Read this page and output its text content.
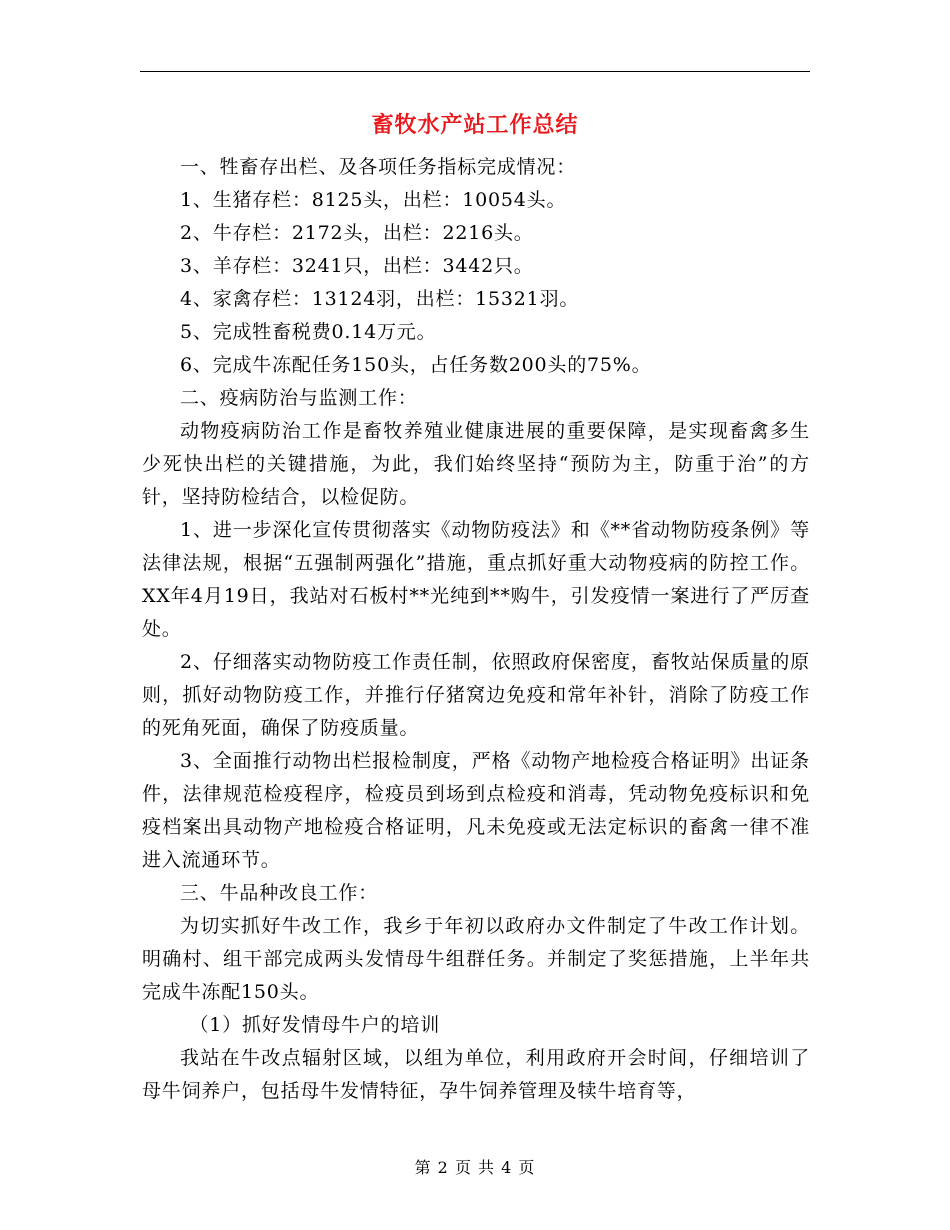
畜牧水产站工作总结

一、牲畜存出栏、及各项任务指标完成情况：

1、生猪存栏：8125头，出栏：10054头。

2、牛存栏：2172头，出栏：2216头。

3、羊存栏：3241只，出栏：3442只。

4、家禽存栏：13124羽，出栏：15321羽。

5、完成牲畜税费0.14万元。

6、完成牛冻配任务150头，占任务数200头的75%。

二、疫病防治与监测工作：

动物疫病防治工作是畜牧养殖业健康进展的重要保障，是实现畜禽多生少死快出栏的关键措施，为此，我们始终坚持“预防为主，防重于治”的方针，坚持防检结合，以检促防。

1、进一步深化宣传贯彻落实《动物防疫法》和《**省动物防疫条例》等法律法规，根据“五强制两强化”措施，重点抓好重大动物疫病的防控工作。XX年4月19日，我站对石板村**光纯到**购牛，引发疫情一案进行了严厉查处。

2、仔细落实动物防疫工作责任制，依照政府保密度，畜牧站保质量的原则，抓好动物防疫工作，并推行仔猪窝边免疫和常年补针，消除了防疫工作的死角死面，确保了防疫质量。

3、全面推行动物出栏报检制度，严格《动物产地检疫合格证明》出证条件，法律规范检疫程序，检疫员到场到点检疫和消毒，凭动物免疫标识和免疫档案出具动物产地检疫合格证明，凡未免疫或无法定标识的畜禽一律不准进入流通环节。

三、牛品种改良工作：

为切实抓好牛改工作，我乡于年初以政府办文件制定了牛改工作计划。明确村、组干部完成两头发情母牛组群任务。并制定了奖惩措施，上半年共完成牛冻配150头。

（1）抓好发情母牛户的培训

我站在牛改点辐射区域，以组为单位，利用政府开会时间，仔细培训了母牛饲养户，包括母牛发情特征，孕牛饲养管理及犊牛培育等，

第 2 页 共 4 页
